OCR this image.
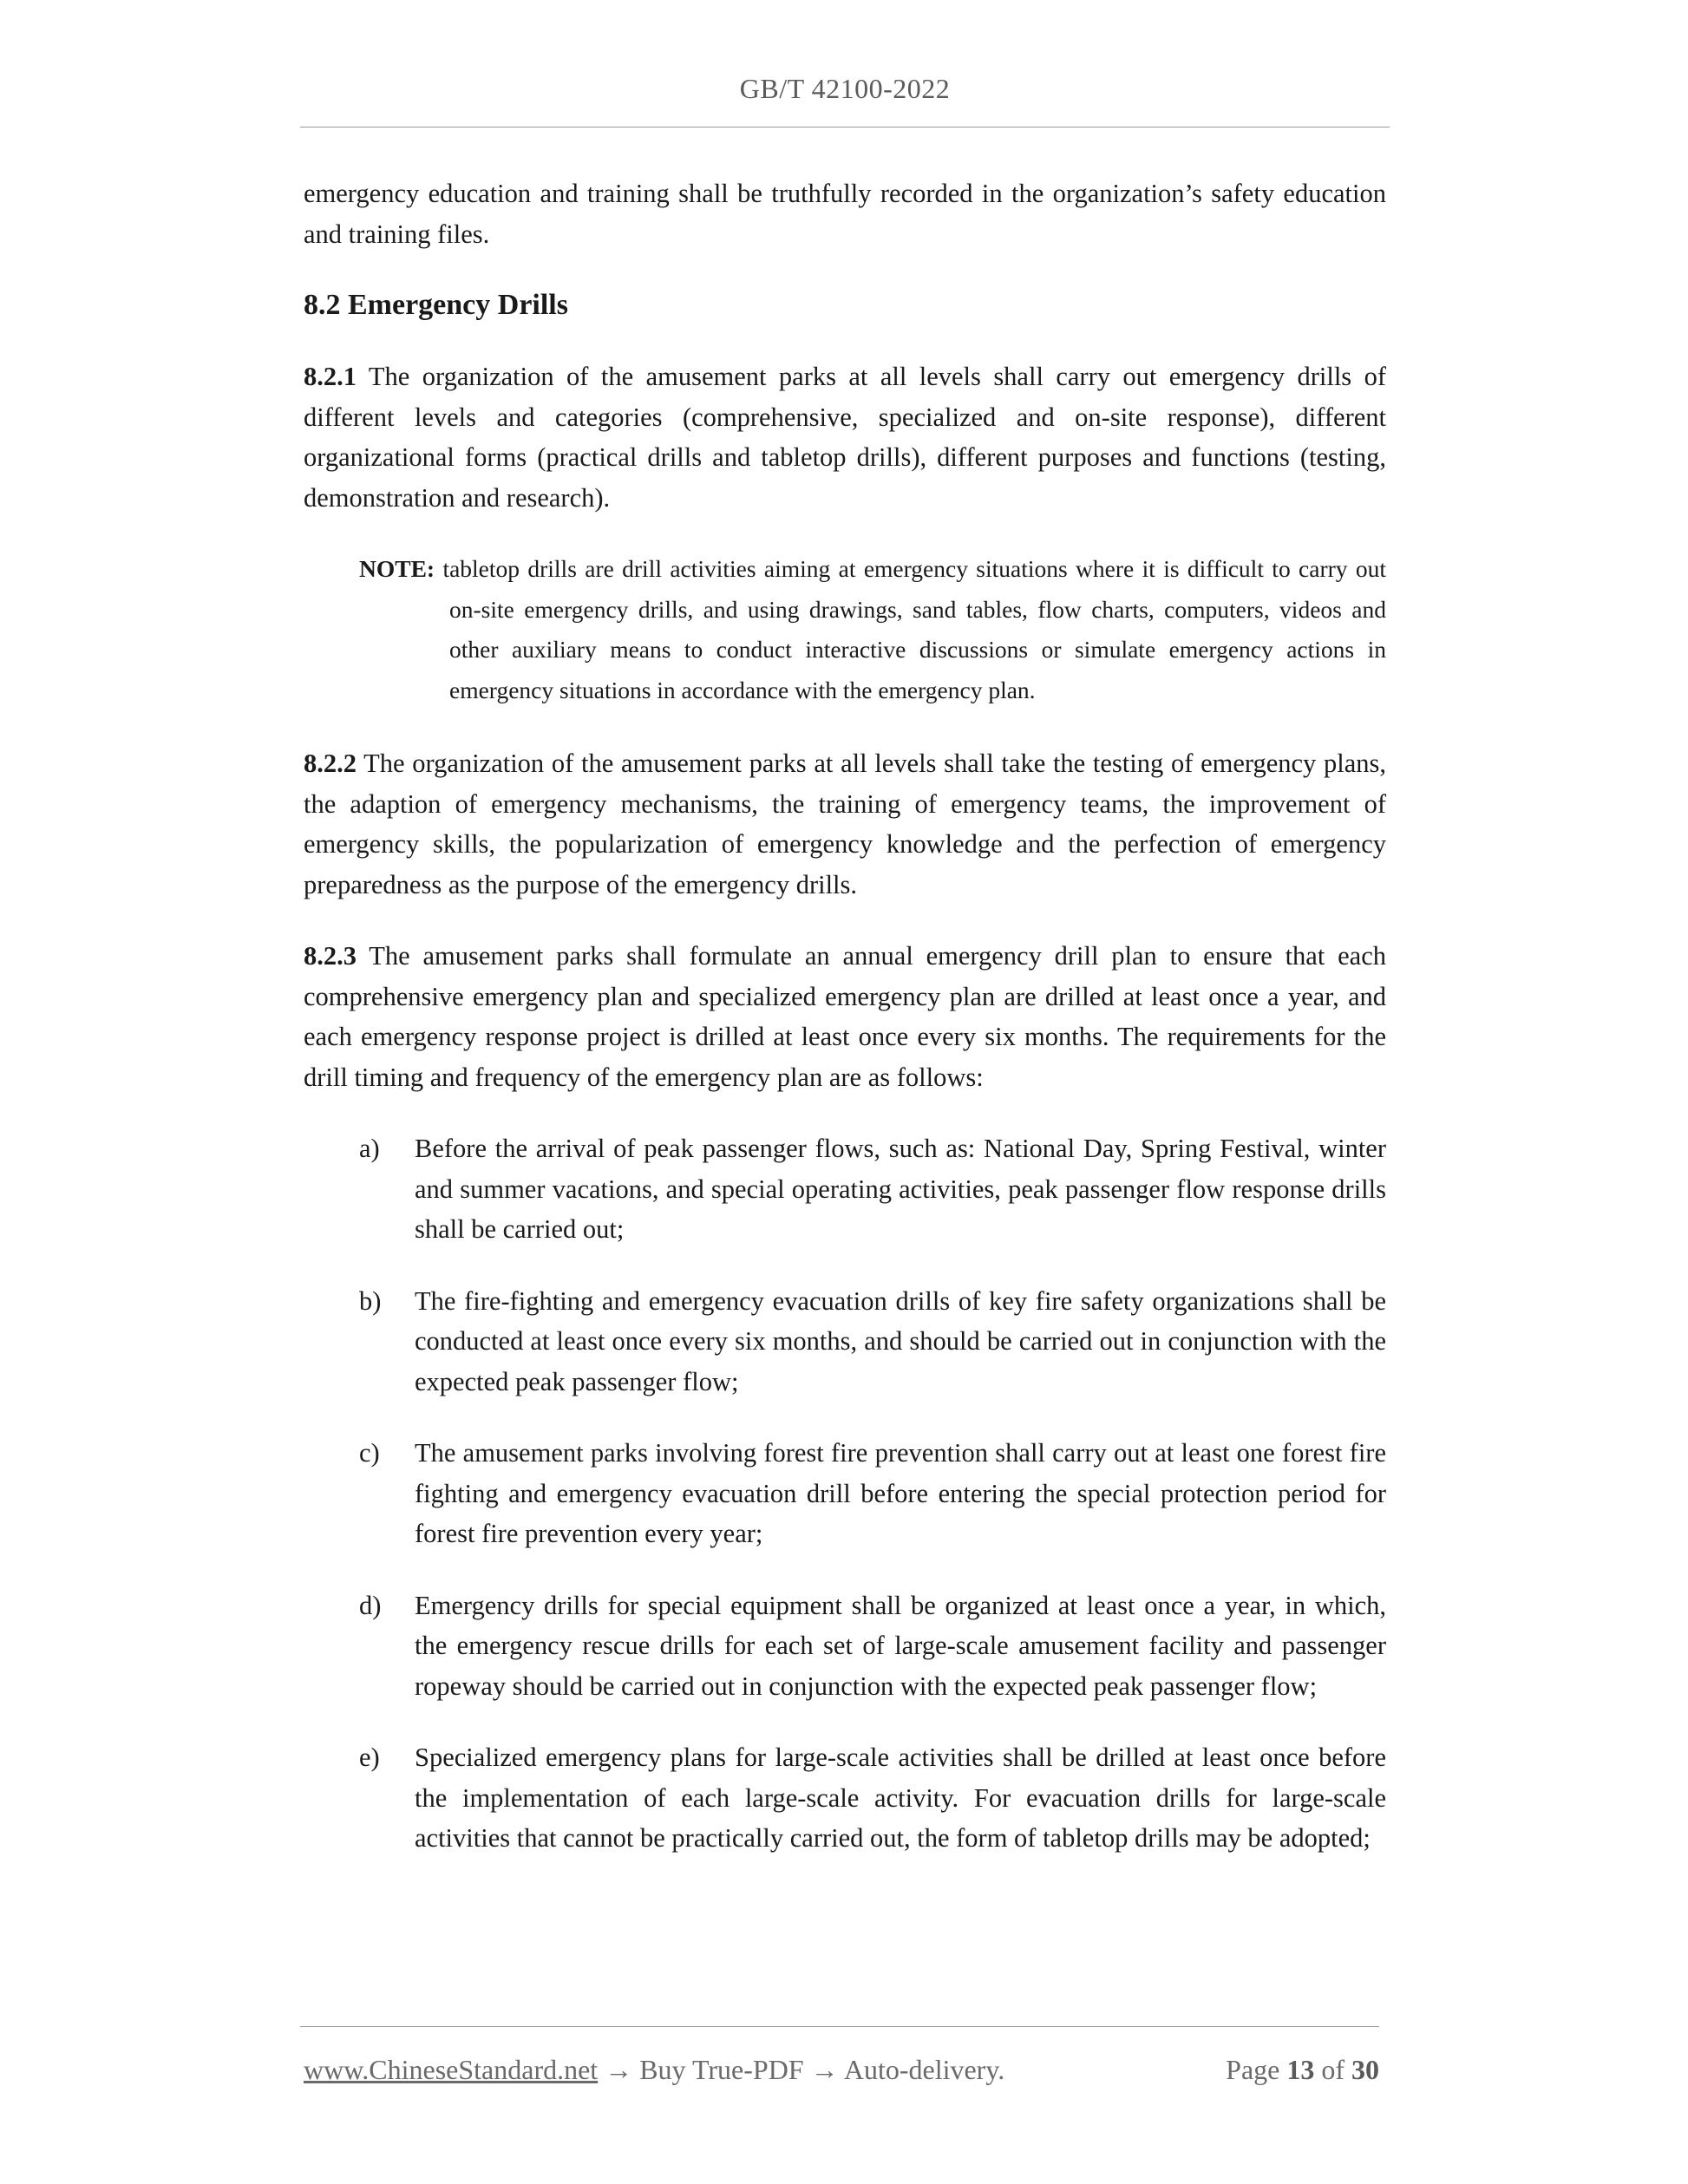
GB/T 42100-2022

emergency education and training shall be truthfully recorded in the organization’s safety education and training files.

8.2 Emergency Drills

8.2.1 The organization of the amusement parks at all levels shall carry out emergency drills of different levels and categories (comprehensive, specialized and on-site response), different organizational forms (practical drills and tabletop drills), different purposes and functions (testing, demonstration and research).

NOTE: tabletop drills are drill activities aiming at emergency situations where it is difficult to carry out on-site emergency drills, and using drawings, sand tables, flow charts, computers, videos and other auxiliary means to conduct interactive discussions or simulate emergency actions in emergency situations in accordance with the emergency plan.

8.2.2 The organization of the amusement parks at all levels shall take the testing of emergency plans, the adaption of emergency mechanisms, the training of emergency teams, the improvement of emergency skills, the popularization of emergency knowledge and the perfection of emergency preparedness as the purpose of the emergency drills.

8.2.3 The amusement parks shall formulate an annual emergency drill plan to ensure that each comprehensive emergency plan and specialized emergency plan are drilled at least once a year, and each emergency response project is drilled at least once every six months. The requirements for the drill timing and frequency of the emergency plan are as follows:

a) Before the arrival of peak passenger flows, such as: National Day, Spring Festival, winter and summer vacations, and special operating activities, peak passenger flow response drills shall be carried out;
b) The fire-fighting and emergency evacuation drills of key fire safety organizations shall be conducted at least once every six months, and should be carried out in conjunction with the expected peak passenger flow;
c) The amusement parks involving forest fire prevention shall carry out at least one forest fire fighting and emergency evacuation drill before entering the special protection period for forest fire prevention every year;
d) Emergency drills for special equipment shall be organized at least once a year, in which, the emergency rescue drills for each set of large-scale amusement facility and passenger ropeway should be carried out in conjunction with the expected peak passenger flow;
e) Specialized emergency plans for large-scale activities shall be drilled at least once before the implementation of each large-scale activity. For evacuation drills for large-scale activities that cannot be practically carried out, the form of tabletop drills may be adopted;
www.ChineseStandard.net → Buy True-PDF → Auto-delivery.	Page 13 of 30
